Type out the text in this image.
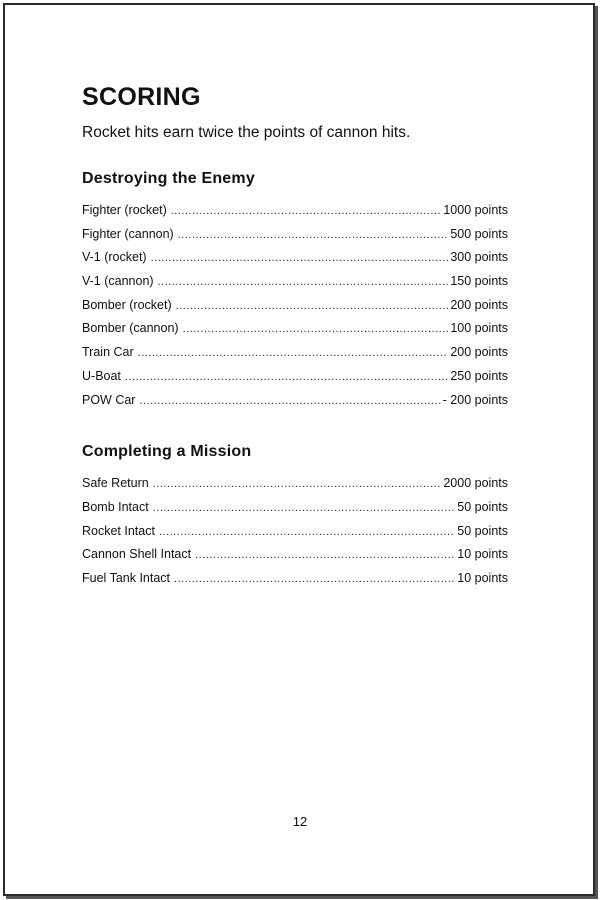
SCORING

Rocket hits earn twice the points of cannon hits.

Destroying the Enemy
Fighter (rocket) .....	1000 points
Fighter (cannon) .....	500 points
V-1 (rocket) .....	300 points
V-1 (cannon) .....	150 points
Bomber (rocket) .....	200 points
Bomber (cannon) .....	100 points
Train Car .....	200 points
U-Boat .....	250 points
POW Car .....	- 200 points
Completing a Mission
Safe Return .....	2000 points
Bomb Intact .....	50 points
Rocket Intact .....	50 points
Cannon Shell Intact .....	10 points
Fuel Tank Intact .....	10 points
12
